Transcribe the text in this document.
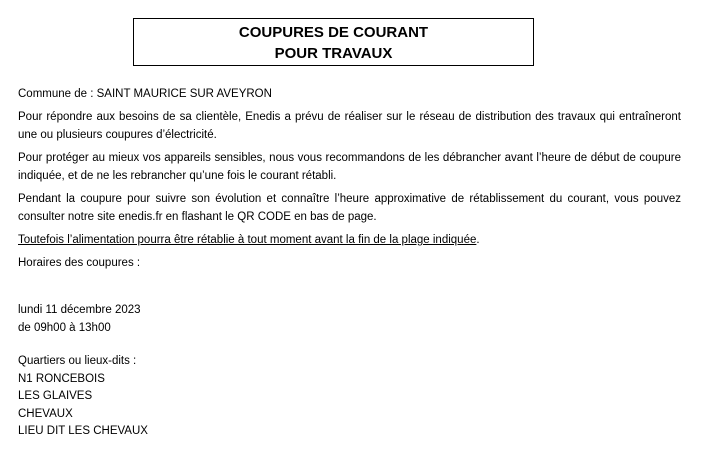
COUPURES DE COURANT
POUR TRAVAUX

Commune de : SAINT MAURICE SUR AVEYRON

Pour répondre aux besoins de sa clientèle, Enedis a prévu de réaliser sur le réseau de distribution des travaux qui entraîneront une ou plusieurs coupures d’électricité.

Pour protéger au mieux vos appareils sensibles, nous vous recommandons de les débrancher avant l’heure de début de coupure indiquée, et de ne les rebrancher qu’une fois le courant rétabli.

Pendant la coupure pour suivre son évolution et connaître l’heure approximative de rétablissement du courant, vous pouvez consulter notre site enedis.fr en flashant le QR CODE en bas de page.

Toutefois l’alimentation pourra être rétablie à tout moment avant la fin de la plage indiquée.

Horaires des coupures :

lundi 11 décembre 2023
de 09h00 à 13h00
Quartiers ou lieux-dits :
N1 RONCEBOIS
LES GLAIVES
CHEVAUX
LIEU DIT LES CHEVAUX
